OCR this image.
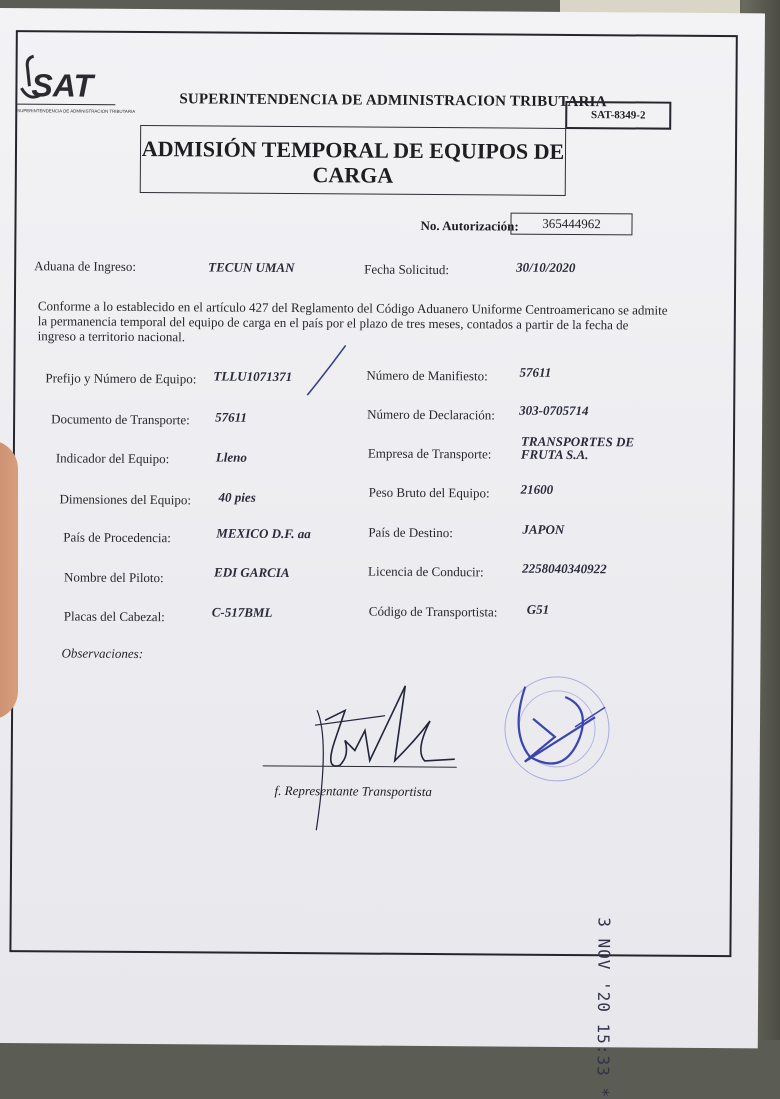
SAT
SUPERINTENDENCIA DE ADMINISTRACION TRIBUTARIA
SUPERINTENDENCIA DE ADMINISTRACION TRIBUTARIA
SAT-8349-2
ADMISIÓN TEMPORAL DE EQUIPOS DE
CARGA
No. Autorización:	365444962
Aduana de Ingreso:	TECUN UMAN	Fecha Solicitud:	30/10/2020
Conforme a lo establecido en el artículo 427 del Reglamento del Código Aduanero Uniforme Centroamericano se admite la permanencia temporal del equipo de carga en el país por el plazo de tres meses, contados a partir de la fecha de ingreso a territorio nacional.
Prefijo y Número de Equipo: TLLU1071371
Documento de Transporte: 57611
Indicador del Equipo:	Lleno
Dimensiones del Equipo: 40 pies
País de Procedencia:	MEXICO D.F. aa
Nombre del Piloto:	EDI GARCIA
Placas del Cabezal:	C-517BML
Número de Manifiesto: 57611
Número de Declaración: 303-0705714
Empresa de Transporte:
TRANSPORTES DE
FRUTA S.A.
Peso Bruto del Equipo: 21600
País de Destino:	JAPON
Licencia de Conducir:	2258040340922
Código de Transportista: G51
Observaciones:
f. Representante Transportista
3 NOV '20 15:33 *
